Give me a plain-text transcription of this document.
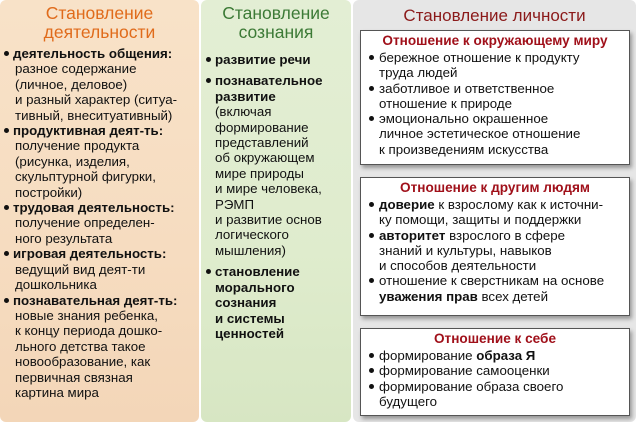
Становление
деятельности
деятельность общения:
разное содержание
(личное, деловое)
и разный характер (ситуа-
тивный, внеситуативный)
продуктивная деят-ть:
получение продукта
(рисунка, изделия,
скульптурной фигурки,
постройки)
трудовая деятельность:
получение определен-
ного результата
игровая деятельность:
ведущий вид деят-ти
дошкольника
познавательная деят-ть:
новые знания ребенка,
к концу периода дошко-
льного детства такое
новообразование, как
первичная связная
картина мира
Становление
сознания
развитие речи
познавательное
развитие
(включая
формирование
представлений
об окружающем
мире природы
и мире человека,
РЭМП
и развитие основ
логического
мышления)
становление
морального
сознания
и системы
ценностей
Становление личности
Отношение к окружающему миру
бережное отношение к продукту
труда людей
заботливое и ответственное
отношение к природе
эмоционально окрашенное
личное эстетическое отношение
к произведениям искусства
Отношение к другим людям
доверие к взрослому как к источни-
ку помощи, защиты и поддержки
авторитет взрослого в сфере
знаний и культуры, навыков
и способов деятельности
отношение к сверстникам на основе
уважения прав всех детей
Отношение к себе
формирование образа Я
формирование самооценки
формирование образа своего
будущего
